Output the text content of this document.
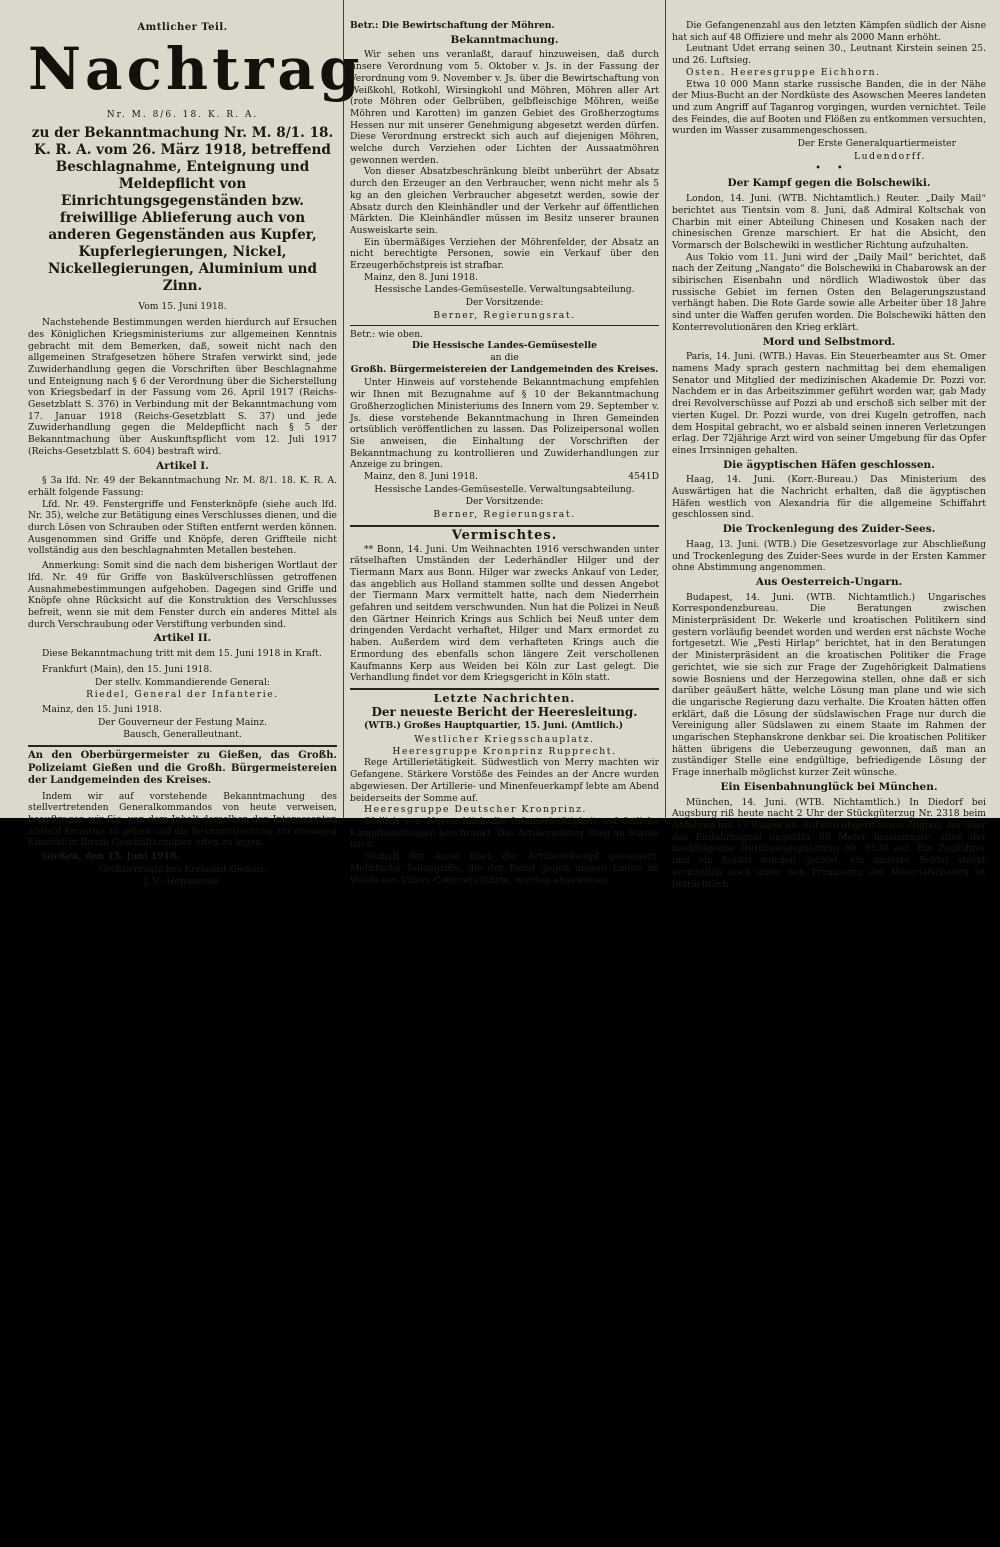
Amtlicher Teil.
Nachtrag
Nr. M. 8/6. 18. K. R. A.
zu der Bekanntmachung Nr. M. 8/1. 18. K. R. A. vom 26. März 1918, betreffend Beschlagnahme, Enteignung und Meldepflicht von Einrichtungsgegenständen bzw. freiwillige Ablieferung auch von anderen Gegenständen aus Kupfer, Kupferlegierungen, Nickel, Nickellegierungen, Aluminium und Zinn.

Vom 15. Juni 1918.

Nachstehende Bestimmungen werden hierdurch auf Ersuchen des Königlichen Kriegsministeriums zur allgemeinen Kenntnis gebracht mit dem Bemerken, daß, soweit nicht nach den allgemeinen Strafgesetzen höhere Strafen verwirkt sind, jede Zuwiderhandlung gegen die Vorschriften über Beschlagnahme und Enteignung nach § 6 der Verordnung über die Sicherstellung von Kriegsbedarf in der Fassung vom 26. April 1917 (Reichs-Gesetzblatt S. 376) in Verbindung mit der Bekanntmachung vom 17. Januar 1918 (Reichs-Gesetzblatt S. 37) und jede Zuwiderhandlung gegen die Meldepflicht nach § 5 der Bekanntmachung über Auskunftspflicht vom 12. Juli 1917 (Reichs-Gesetzblatt S. 604) bestraft wird.

Artikel I.

§ 3a lfd. Nr. 49 der Bekanntmachung Nr. M. 8/1. 18. K. R. A. erhält folgende Fassung:

Lfd. Nr. 49. Fenstergriffe und Fensterknöpfe (siehe auch lfd. Nr. 35), welche zur Betätigung eines Verschlusses dienen, und die durch Lösen von Schrauben oder Stiften entfernt werden können. Ausgenommen sind Griffe und Knöpfe, deren Griffteile nicht vollständig aus den beschlagnahmten Metallen bestehen.

Anmerkung: Somit sind die nach dem bisherigen Wortlaut der lfd. Nr. 49 für Griffe von Baskülverschlüssen getroffenen Ausnahmebestimmungen aufgehoben. Dagegen sind Griffe und Knöpfe ohne Rücksicht auf die Konstruktion des Verschlusses befreit, wenn sie mit dem Fenster durch ein anderes Mittel als durch Verschraubung oder Verstiftung verbunden sind.

Artikel II.

Diese Bekanntmachung tritt mit dem 15. Juni 1918 in Kraft.

Frankfurt (Main), den 15. Juni 1918.

Der stellv. Kommandierende General:

Riedel, General der Infanterie.

Mainz, den 15. Juni 1918.

Der Gouverneur der Festung Mainz.

Bausch, Generalleutnant.

An den Oberbürgermeister zu Gießen, das Großh. Polizeiamt Gießen und die Großh. Bürgermeistereien der Landgemeinden des Kreises.

Indem wir auf vorstehende Bekanntmachung des stellvertretenden Generalkommandos von heute verweisen, beauftragen wir Sie, von dem Inhalt derselben den Interessenten alsbald Kenntnis zu geben und die Bekanntmachung zur etwaigen Einsicht in Ihrem Geschäftszimmer offen zu legen.

Gießen, den 15. Juni 1918.

Großherzogliches Kreisamt Gießen.

J. V.: Hemmerde.

Betr.: Die Bewirtschaftung der Möhren.

Bekanntmachung.

Wir sehen uns veranlaßt, darauf hinzuweisen, daß durch unsere Verordnung vom 5. Oktober v. Js. in der Fassung der Verordnung vom 9. November v. Js. über die Bewirtschaftung von Weißkohl, Rotkohl, Wirsingkohl und Möhren, Möhren aller Art (rote Möhren oder Gelbrüben, gelbfleischige Möhren, weiße Möhren und Karotten) im ganzen Gebiet des Großherzogtums Hessen nur mit unserer Genehmigung abgesetzt werden dürfen. Diese Verordnung erstreckt sich auch auf diejenigen Möhren, welche durch Verziehen oder Lichten der Aussaatmöhren gewonnen werden.

Von dieser Absatzbeschränkung bleibt unberührt der Absatz durch den Erzeuger an den Verbraucher, wenn nicht mehr als 5 kg an den gleichen Verbraucher abgesetzt werden, sowie der Absatz durch den Kleinhändler und der Verkehr auf öffentlichen Märkten. Die Kleinhändler müssen im Besitz unserer braunen Ausweiskarte sein.

Ein übermäßiges Verziehen der Möhrenfelder, der Absatz an nicht berechtigte Personen, sowie ein Verkauf über den Erzeugerhöchstpreis ist strafbar.

Mainz, den 8. Juni 1918.

Hessische Landes-Gemüsestelle. Verwaltungsabteilung.

Der Vorsitzende:

Berner, Regierungsrat.

Betr.: wie oben.

Die Hessische Landes-Gemüsestelle

an die

Großh. Bürgermeistereien der Landgemeinden des Kreises.

Unter Hinweis auf vorstehende Bekanntmachung empfehlen wir Ihnen mit Bezugnahme auf § 10 der Bekanntmachung Großherzoglichen Ministeriums des Innern vom 29. September v. Js. diese vorstehende Bekanntmachung in Ihren Gemeinden ortsüblich veröffentlichen zu lassen. Das Polizeipersonal wollen Sie anweisen, die Einhaltung der Vorschriften der Bekanntmachung zu kontrollieren und Zuwiderhandlungen zur Anzeige zu bringen.

Mainz, den 8. Juni 1918.	4541D

Hessische Landes-Gemüsestelle. Verwaltungsabteilung.

Der Vorsitzende:

Berner, Regierungsrat.

Vermischtes.

** Bonn, 14. Juni. Um Weihnachten 1916 verschwanden unter rätselhaften Umständen der Lederhändler Hilger und der Tiermann Marx aus Bonn. Hilger war zwecks Ankauf von Leder, das angeblich aus Holland stammen sollte und dessen Angebot der Tiermann Marx vermittelt hatte, nach dem Niederrhein gefahren und seitdem verschwunden. Nun hat die Polizei in Neuß den Gärtner Heinrich Krings aus Schlich bei Neuß unter dem dringenden Verdacht verhaftet, Hilger und Marx ermordet zu haben. Außerdem wird dem verhafteten Krings auch die Ermordung des ebenfalls schon längere Zeit verschollenen Kaufmanns Kerp aus Weiden bei Köln zur Last gelegt. Die Verhandlung findet vor dem Kriegsgericht in Köln statt.

Letzte Nachrichten.
Der neueste Bericht der Heeresleitung.

(WTB.) Großes Hauptquartier, 15. Juni. (Amtlich.)

Westlicher Kriegsschauplatz.

Heeresgruppe Kronprinz Rupprecht.

Rege Artillerietätigkeit. Südwestlich von Merry machten wir Gefangene. Stärkere Vorstöße des Feindes an der Ancre wurden abgewiesen. Der Artillerie- und Minenfeuerkampf lebte am Abend beiderseits der Somme auf.

Heeresgruppe Deutscher Kronprinz.

Südlich von Noyon blieb die Infanterietätigkeit auf örtliche Kampfhandlungen beschränkt. Das Artilleriefeuer stieg an Stärke nach.

Südlich der Aisne blieb der Artilleriekampf gesteigert. Mehrfache Teilangriffe, die der Feind gegen unsere Linien im Walde von Villers-Cotterets führte, wurden abgewiesen.

Die Gefangenenzahl aus den letzten Kämpfen südlich der Aisne hat sich auf 48 Offiziere und mehr als 2000 Mann erhöht.

Leutnant Udet errang seinen 30., Leutnant Kirstein seinen 25. und 26. Luftsieg.

Osten. Heeresgruppe Eichhorn.

Etwa 10 000 Mann starke russische Banden, die in der Nähe der Mius-Bucht an der Nordküste des Asowschen Meeres landeten und zum Angriff auf Taganrog vorgingen, wurden vernichtet. Teile des Feindes, die auf Booten und Flößen zu entkommen versuchten, wurden im Wasser zusammengeschossen.

Der Erste Generalquartiermeister

Ludendorff.

•     •
Der Kampf gegen die Bolschewiki.

London, 14. Juni. (WTB. Nichtamtlich.) Reuter. „Daily Mail“ berichtet aus Tientsin vom 8. Juni, daß Admiral Koltschak von Charbin mit einer Abteilung Chinesen und Kosaken nach der chinesischen Grenze marschiert. Er hat die Absicht, den Vormarsch der Bolschewiki in westlicher Richtung aufzuhalten.

Aus Tokio vom 11. Juni wird der „Daily Mail“ berichtet, daß nach der Zeitung „Nangato“ die Bolschewiki in Chabarowsk an der sibirischen Eisenbahn und nördlich Wladiwostok über das russische Gebiet im fernen Osten den Belagerungszustand verhängt haben. Die Rote Garde sowie alle Arbeiter über 18 Jahre sind unter die Waffen gerufen worden. Die Bolschewiki hätten den Konterrevolutionären den Krieg erklärt.

Mord und Selbstmord.

Paris, 14. Juni. (WTB.) Havas. Ein Steuerbeamter aus St. Omer namens Mady sprach gestern nachmittag bei dem ehemaligen Senator und Mitglied der medizinischen Akademie Dr. Pozzi vor. Nachdem er in das Arbeitszimmer geführt worden war, gab Mady drei Revolverschüsse auf Pozzi ab und erschoß sich selber mit der vierten Kugel. Dr. Pozzi wurde, von drei Kugeln getroffen, nach dem Hospital gebracht, wo er alsbald seinen inneren Verletzungen erlag. Der 72jährige Arzt wird von seiner Umgebung für das Opfer eines Irrsinnigen gehalten.

Die ägyptischen Häfen geschlossen.

Haag, 14. Juni. (Korr.-Bureau.) Das Ministerium des Auswärtigen hat die Nachricht erhalten, daß die ägyptischen Häfen westlich von Alexandria für die allgemeine Schiffahrt geschlossen sind.

Die Trockenlegung des Zuider-Sees.

Haag, 13. Juni. (WTB.) Die Gesetzesvorlage zur Abschließung und Trockenlegung des Zuider-Sees wurde in der Ersten Kammer ohne Abstimmung angenommen.

Aus Oesterreich-Ungarn.

Budapest, 14. Juni. (WTB. Nichtamtlich.) Ungarisches Korrespondenzbureau. Die Beratungen zwischen Ministerpräsident Dr. Wekerle und kroatischen Politikern sind gestern vorläufig beendet worden und werden erst nächste Woche fortgesetzt. Wie „Pesti Hirlap“ berichtet, hat in den Beratungen der Ministerpräsident an die kroatischen Politiker die Frage gerichtet, wie sie sich zur Frage der Zugehörigkeit Dalmatiens sowie Bosniens und der Herzegowina stellen, ohne daß er sich darüber geäußert hätte, welche Lösung man plane und wie sich die ungarische Regierung dazu verhalte. Die Kroaten hätten offen erklärt, daß die Lösung der südslawischen Frage nur durch die Vereinigung aller Südslawen zu einem Staate im Rahmen der ungarischen Stephanskrone denkbar sei. Die kroatischen Politiker hätten übrigens die Ueberzeugung gewonnen, daß man an zuständiger Stelle eine endgültige, befriedigende Lösung der Frage innerhalb möglichst kurzer Zeit wünsche.

Ein Eisenbahnunglück bei München.

München, 14. Juni. (WTB. Nichtamtlich.) In Diedorf bei Augsburg riß heute nacht 2 Uhr der Stückgüterzug Nr. 2318 beim Abfahren mit 17 Wagen ab. Auf den abgerissenen Zugteil, der über das Einfahrtsignal ungefähr 80 Meter hinausragte, stieß der nachfolgende Durchgangsgüterzug Nr. 6130 auf. Ein Zugführer und ein Soldat wurden getötet, ein anderer Soldat steckt vermutlich noch unter den Trümmern; der Materialschaden ist beträchtlich.
